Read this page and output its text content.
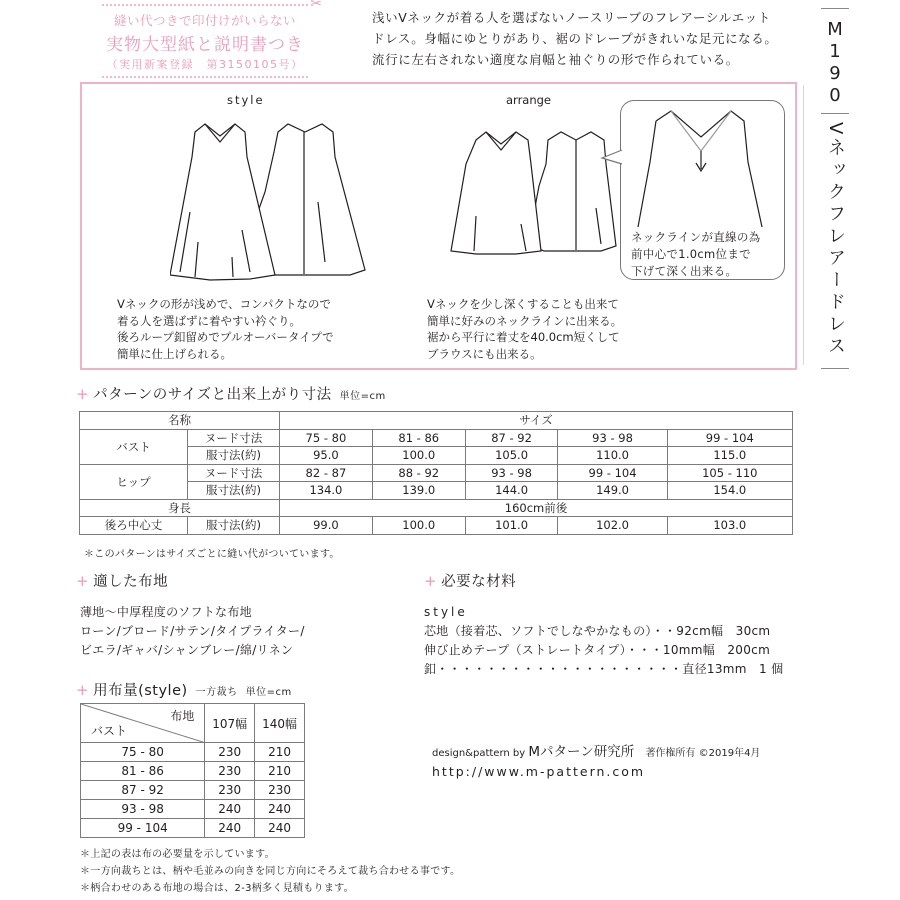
✂
縫い代つきで印付けがいらない
実物大型紙と説明書つき
（実用新案登録　第3150105号）
浅いVネックが着る人を選ばないノースリーブのフレアーシルエット
ドレス。身幅にゆとりがあり、裾のドレープがきれいな足元になる。
流行に左右されない適度な肩幅と袖ぐりの形で作られている。
M
1
9
0
Vネックフレアードレス
style	arrange
ネックラインが直線の為
前中心で1.0cm位まで
下げて深く出来る。
Vネックの形が浅めで、コンパクトなので
着る人を選ばずに着やすい衿ぐり。
後ろループ釦留めでプルオーバータイプで
簡単に仕上げられる。
Vネックを少し深くすることも出来て
簡単に好みのネックラインに出来る。
裾から平行に着丈を40.0cm短くして
ブラウスにも出来る。
+ パターンのサイズと出来上がり寸法 単位=cm
名称		サイズ				
バスト	ヌード寸法	75 - 80	81 - 86	87 - 92	93 - 98	99 - 104
	服寸法(約)	95.0	100.0	105.0	110.0	115.0
ヒップ	ヌード寸法	82 - 87	88 - 92	93 - 98	99 - 104	105 - 110
	服寸法(約)	134.0	139.0	144.0	149.0	154.0
身長		160cm前後				
後ろ中心丈	服寸法(約)	99.0	100.0	101.0	102.0	103.0
＊このパターンはサイズごとに縫い代がついています。
+ 適した布地
薄地～中厚程度のソフトな布地
ローン/ブロード/サテン/タイプライター/
ビエラ/ギャバ/シャンブレー/綿/リネン
+ 必要な材料
style
芯地（接着芯、ソフトでしなやかなもの）・・92cm幅　30cm
伸び止めテープ（ストレートタイプ）・・・10mm幅　200cm
釦・・・・・・・・・・・・・・・・・・・・直径13mm　1 個
+ 用布量(style) 一方裁ち 単位=cm
布地
バスト	107幅	140幅
75 - 80	230	210
81 - 86	230	210
87 - 92	230	230
93 - 98	240	240
99 - 104	240	240
＊上記の表は布の必要量を示しています。
＊一方向裁ちとは、柄や毛並みの向きを同じ方向にそろえて裁ち合わせる事です。
＊柄合わせのある布地の場合は、2-3柄多く見積もります。
design&pattern by Mパターン研究所 著作権所有 ©2019年4月
http://www.m-pattern.com
